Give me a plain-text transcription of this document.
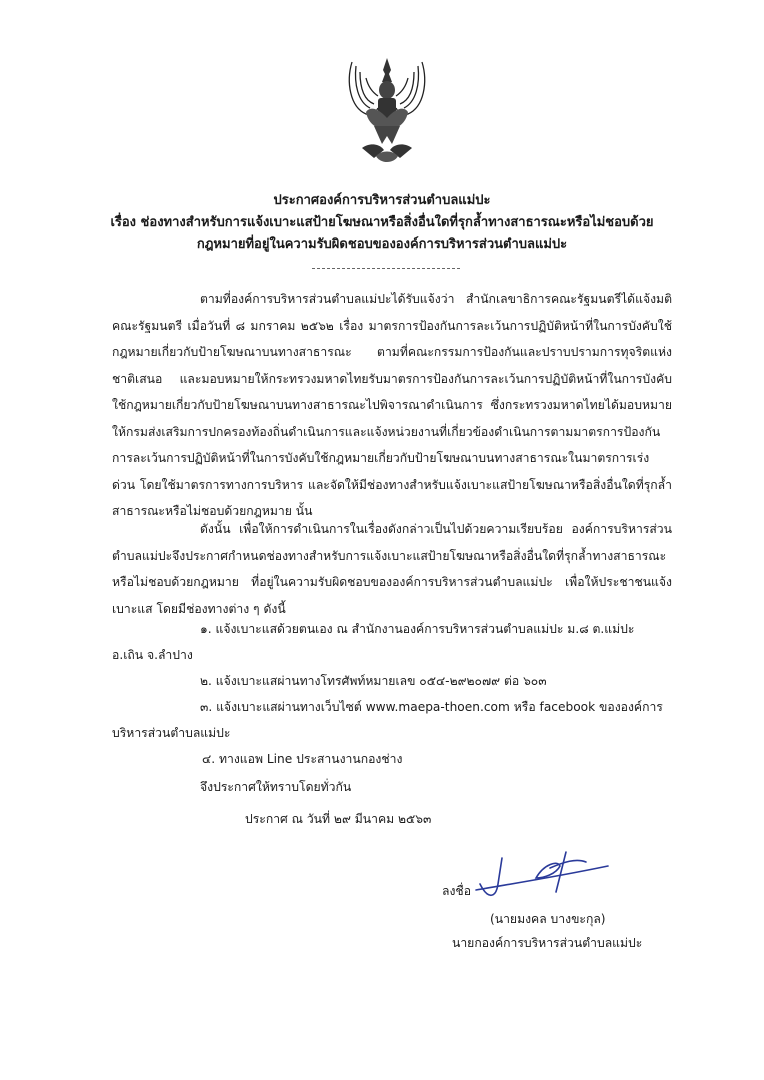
ประกาศองค์การบริหารส่วนตำบลแม่ปะ
เรื่อง ช่องทางสำหรับการแจ้งเบาะแสป้ายโฆษณาหรือสิ่งอื่นใดที่รุกล้ำทางสาธารณะหรือไม่ชอบด้วย
กฎหมายที่อยู่ในความรับผิดชอบขององค์การบริหารส่วนตำบลแม่ปะ
ตามที่องค์การบริหารส่วนตำบลแม่ปะได้รับแจ้งว่า สำนักเลขาธิการคณะรัฐมนตรีได้แจ้งมติคณะรัฐมนตรี เมื่อวันที่ ๘ มกราคม ๒๕๖๒ เรื่อง มาตรการป้องกันการละเว้นการปฏิบัติหน้าที่ในการบังคับใช้กฎหมายเกี่ยวกับป้ายโฆษณาบนทางสาธารณะ ตามที่คณะกรรมการป้องกันและปราบปรามการทุจริตแห่งชาติเสนอ และมอบหมายให้กระทรวงมหาดไทยรับมาตรการป้องกันการละเว้นการปฏิบัติหน้าที่ในการบังคับใช้กฎหมายเกี่ยวกับป้ายโฆษณาบนทางสาธารณะไปพิจารณาดำเนินการ ซึ่งกระทรวงมหาดไทยได้มอบหมายให้กรมส่งเสริมการปกครองท้องถิ่นดำเนินการและแจ้งหน่วยงานที่เกี่ยวข้องดำเนินการตามมาตรการป้องกันการละเว้นการปฏิบัติหน้าที่ในการบังคับใช้กฎหมายเกี่ยวกับป้ายโฆษณาบนทางสาธารณะในมาตรการเร่งด่วน โดยใช้มาตรการทางการบริหาร และจัดให้มีช่องทางสำหรับแจ้งเบาะแสป้ายโฆษณาหรือสิ่งอื่นใดที่รุกล้ำสาธารณะหรือไม่ชอบด้วยกฎหมาย นั้น
ดังนั้น เพื่อให้การดำเนินการในเรื่องดังกล่าวเป็นไปด้วยความเรียบร้อย องค์การบริหารส่วนตำบลแม่ปะจึงประกาศกำหนดช่องทางสำหรับการแจ้งเบาะแสป้ายโฆษณาหรือสิ่งอื่นใดที่รุกล้ำทางสาธารณะหรือไม่ชอบด้วยกฎหมาย ที่อยู่ในความรับผิดชอบขององค์การบริหารส่วนตำบลแม่ปะ เพื่อให้ประชาชนแจ้งเบาะแส โดยมีช่องทางต่าง ๆ ดังนี้
๑. แจ้งเบาะแสด้วยตนเอง ณ สำนักงานองค์การบริหารส่วนตำบลแม่ปะ ม.๘ ต.แม่ปะ
อ.เถิน จ.ลำปาง
๒. แจ้งเบาะแสผ่านทางโทรศัพท์หมายเลข ๐๕๔-๒๙๒๐๗๙ ต่อ ๖๐๓
๓. แจ้งเบาะแสผ่านทางเว็บไซต์ www.maepa-thoen.com หรือ facebook ขององค์การ
บริหารส่วนตำบลแม่ปะ
๔. ทางแอพ Line ประสานงานกองช่าง
จึงประกาศให้ทราบโดยทั่วกัน
ประกาศ ณ วันที่ ๒๙ มีนาคม ๒๕๖๓
ลงชื่อ
(นายมงคล บางขะกุล)
นายกองค์การบริหารส่วนตำบลแม่ปะ
